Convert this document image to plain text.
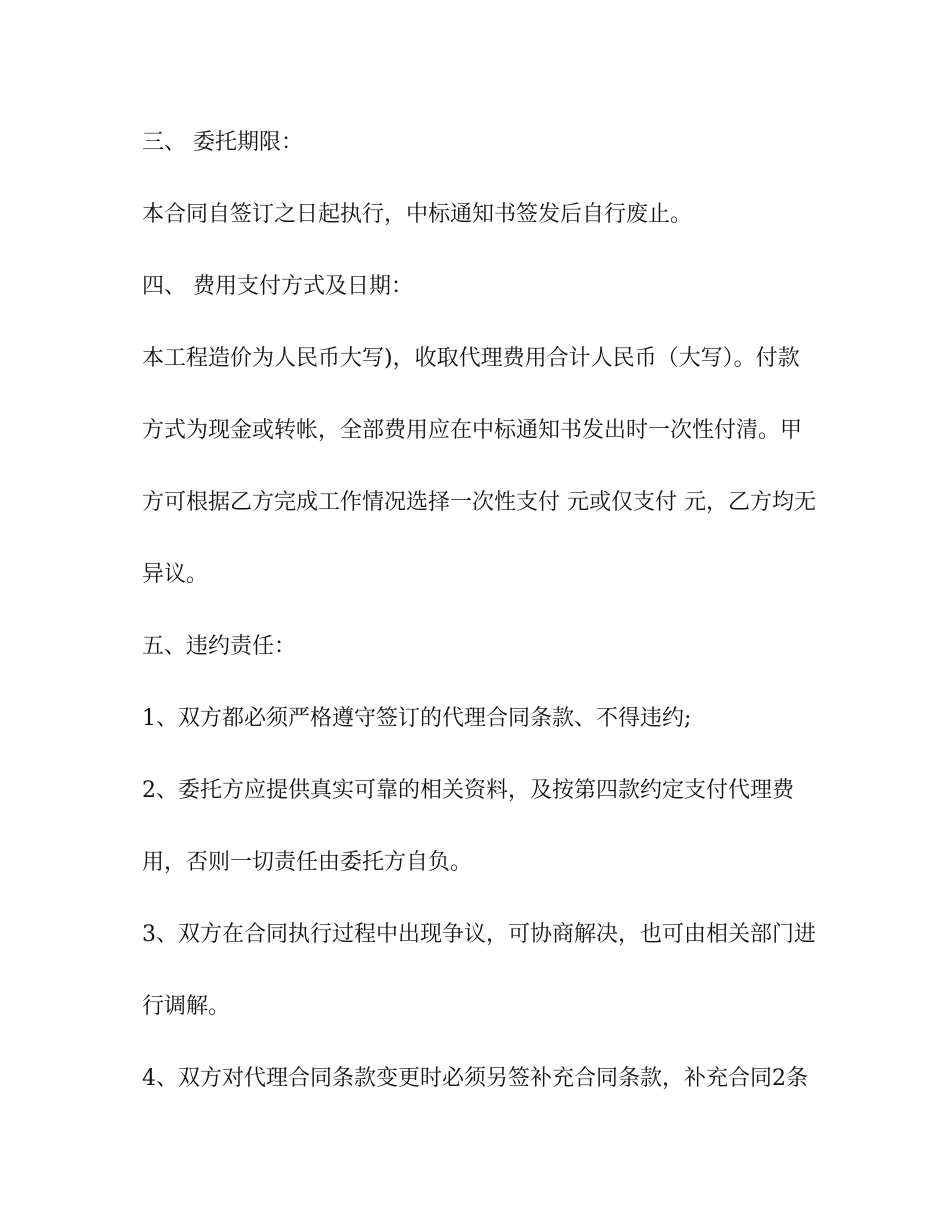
三、 委托期限：

本合同自签订之日起执行，中标通知书签发后自行废止。

四、 费用支付方式及日期：

本工程造价为人民币大写)，收取代理费用合计人民币（大写）。付款

方式为现金或转帐，全部费用应在中标通知书发出时一次性付清。甲

方可根据乙方完成工作情况选择一次性支付 元或仅支付 元，乙方均无

异议。

五、违约责任：

1、双方都必须严格遵守签订的代理合同条款、不得违约;

2、委托方应提供真实可靠的相关资料，及按第四款约定支付代理费

用，否则一切责任由委托方自负。

3、双方在合同执行过程中出现争议，可协商解决，也可由相关部门进

行调解。

4、双方对代理合同条款变更时必须另签补充合同条款，补充合同2条
